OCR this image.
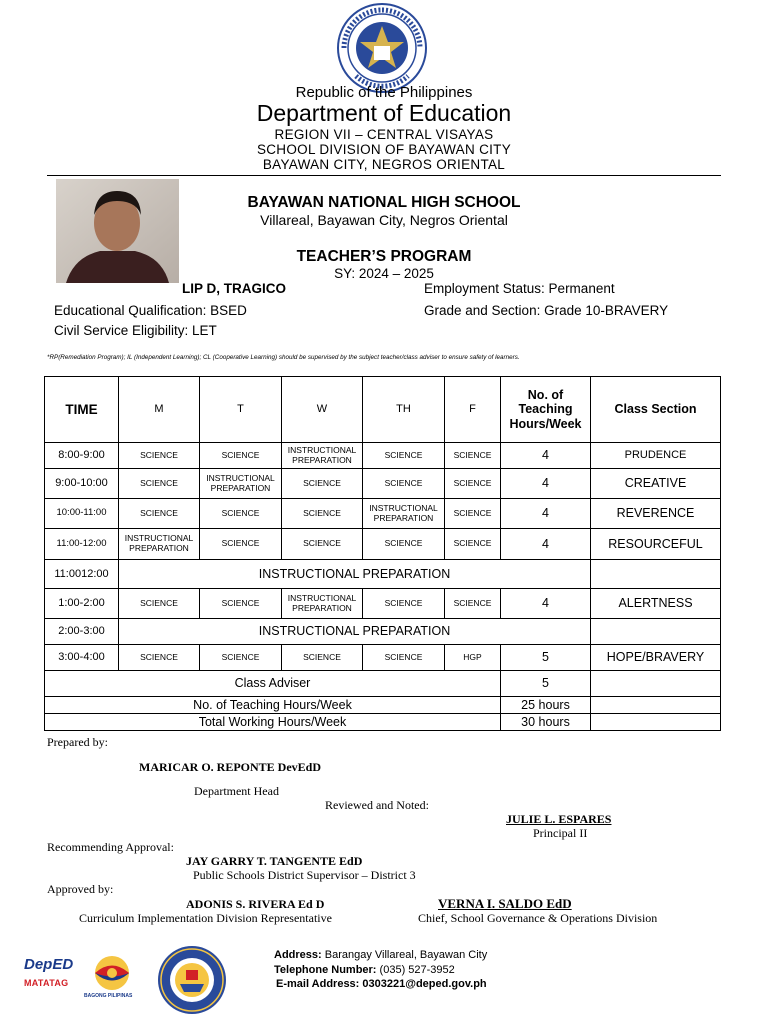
Republic of the Philippines
Department of Education
REGION VII – CENTRAL VISAYAS
SCHOOL DIVISION OF BAYAWAN CITY
BAYAWAN CITY, NEGROS ORIENTAL
BAYAWAN NATIONAL HIGH SCHOOL
Villareal, Bayawan City, Negros Oriental
TEACHER’S PROGRAM
SY: 2024 – 2025
LIP D, TRAGICO	Employment Status: Permanent
Educational Qualification: BSED	Grade and Section: Grade 10-BRAVERY
Civil Service Eligibility: LET
*RP(Remediation Program); IL (Independent Learning); CL (Cooperative Learning) should be supervised by the subject teacher/class adviser to ensure safety of learners.
TIME	M	T	W	TH	F	No. of Teaching Hours/Week	Class Section
8:00-9:00	SCIENCE	SCIENCE	INSTRUCTIONAL PREPARATION	SCIENCE	SCIENCE	4	PRUDENCE
9:00-10:00	SCIENCE	INSTRUCTIONAL PREPARATION	SCIENCE	SCIENCE	SCIENCE	4	CREATIVE
10:00-11:00	SCIENCE	SCIENCE	SCIENCE	INSTRUCTIONAL PREPARATION	SCIENCE	4	REVERENCE
11:00-12:00	INSTRUCTIONAL PREPARATION	SCIENCE	SCIENCE	SCIENCE	SCIENCE	4	RESOURCEFUL
11:0012:00	INSTRUCTIONAL PREPARATION						
1:00-2:00	SCIENCE	SCIENCE	INSTRUCTIONAL PREPARATION	SCIENCE	SCIENCE	4	ALERTNESS
2:00-3:00	INSTRUCTIONAL PREPARATION						
3:00-4:00	SCIENCE	SCIENCE	SCIENCE	SCIENCE	HGP	5	HOPE/BRAVERY
Class Adviser						5	
No. of Teaching Hours/Week						25 hours	
Total Working Hours/Week						30 hours	
Prepared by:
MARICAR O. REPONTE DevEdD
Department Head
Reviewed and Noted:
JULIE L. ESPARES
Principal II
Recommending Approval:
JAY GARRY T. TANGENTE EdD
Public Schools District Supervisor – District 3
Approved by:
ADONIS S. RIVERA Ed D
Curriculum Implementation Division Representative
VERNA I. SALDO EdD
Chief, School Governance & Operations Division
DepED
MATATAG
BAGONG PILIPINAS
Address: Barangay Villareal, Bayawan City
Telephone Number: (035) 527-3952
E-mail Address: 0303221@deped.gov.ph
